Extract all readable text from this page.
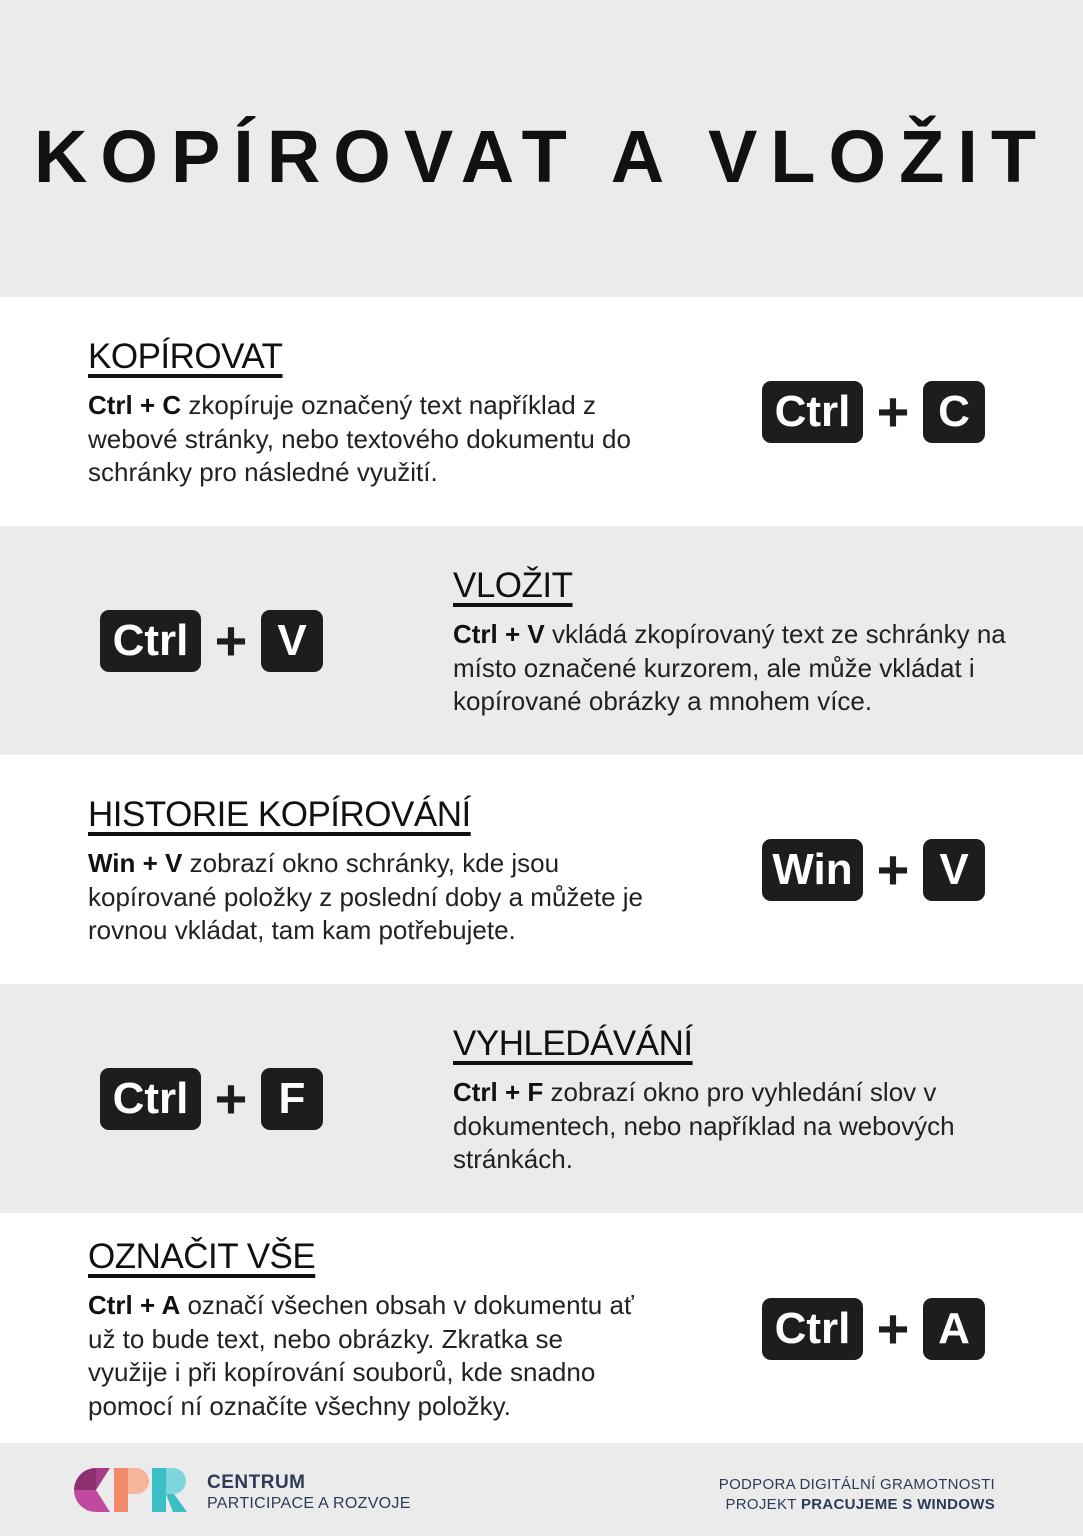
KOPÍROVAT A VLOŽIT
KOPÍROVAT

Ctrl + C zkopíruje označený text například z webové stránky, nebo textového dokumentu do schránky pro následné využití.

Ctrl + C
Ctrl + V
VLOŽIT

Ctrl + V vkládá zkopírovaný text ze schránky na místo označené kurzorem, ale může vkládat i kopírované obrázky a mnohem více.

HISTORIE KOPÍROVÁNÍ

Win + V zobrazí okno schránky, kde jsou kopírované položky z poslední doby a můžete je rovnou vkládat, tam kam potřebujete.

Win + V
Ctrl + F
VYHLEDÁVÁNÍ

Ctrl + F zobrazí okno pro vyhledání slov v dokumentech, nebo například na webových stránkách.

OZNAČIT VŠE

Ctrl + A označí všechen obsah v dokumentu ať už to bude text, nebo obrázky. Zkratka se využije i při kopírování souborů, kde snadno pomocí ní označíte všechny položky.

Ctrl + A
CENTRUM
PARTICIPACE A ROZVOJE
PODPORA DIGITÁLNÍ GRAMOTNOSTI
PROJEKT PRACUJEME S WINDOWS
